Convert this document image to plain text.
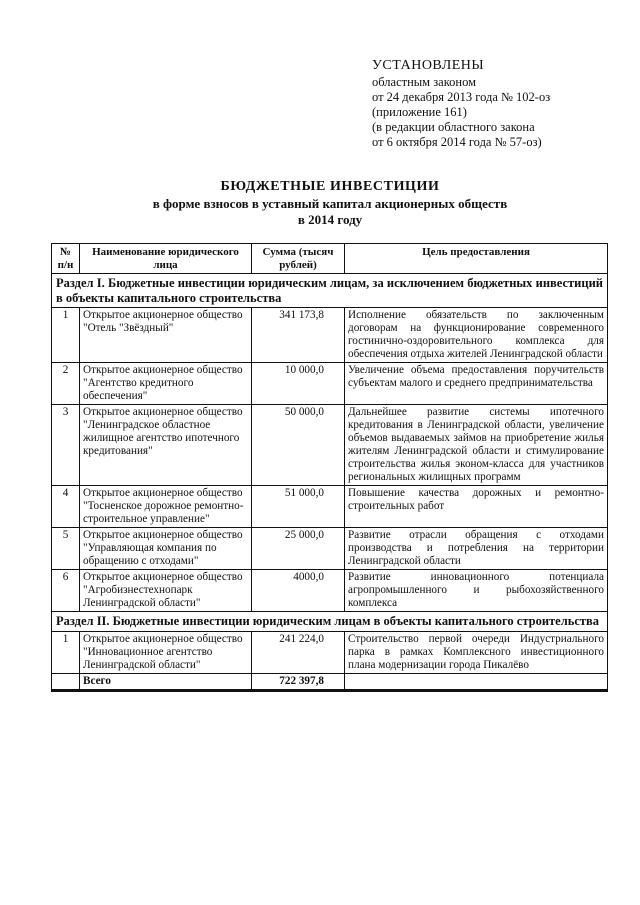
УСТАНОВЛЕНЫ
областным законом
от 24 декабря 2013 года № 102-оз
(приложение 161)
(в редакции областного закона
от 6 октября 2014 года № 57-оз)
БЮДЖЕТНЫЕ ИНВЕСТИЦИИ
в форме взносов в уставный капитал акционерных обществ
в 2014 году
№ п/н	Наименование юридического лица	Сумма (тысяч рублей)	Цель предоставления
Раздел I. Бюджетные инвестиции юридическим лицам, за исключением бюджетных инвестиций в объекты капитального строительства			
1	Открытое акционерное общество "Отель "Звёздный"	341 173,8	Исполнение обязательств по заключенным договорам на функционирование современного гостинично-оздоровительного комплекса для обеспечения отдыха жителей Ленинградской области
2	Открытое акционерное общество "Агентство кредитного обеспечения"	10 000,0	Увеличение объема предоставления поручительств субъектам малого и среднего предпринимательства
3	Открытое акционерное общество "Ленинградское областное жилищное агентство ипотечного кредитования"	50 000,0	Дальнейшее развитие системы ипотечного кредитования в Ленинградской области, увеличение объемов выдаваемых займов на приобретение жилья жителям Ленинградской области и стимулирование строительства жилья эконом-класса для участников региональных жилищных программ
4	Открытое акционерное общество "Тосненское дорожное ремонтно-строительное управление"	51 000,0	Повышение качества дорожных и ремонтно-строительных работ
5	Открытое акционерное общество "Управляющая компания по обращению с отходами"	25 000,0	Развитие отрасли обращения с отходами производства и потребления на территории Ленинградской области
6	Открытое акционерное общество "Агробизнестехнопарк Ленинградской области"	4000,0	Развитие инновационного потенциала агропромышленного и рыбохозяйственного комплекса
Раздел II. Бюджетные инвестиции юридическим лицам в объекты капитального строительства			
1	Открытое акционерное общество "Инновационное агентство Ленинградской области"	241 224,0	Строительство первой очереди Индустриального парка в рамках Комплексного инвестиционного плана модернизации города Пикалёво
	Всего	722 397,8	
